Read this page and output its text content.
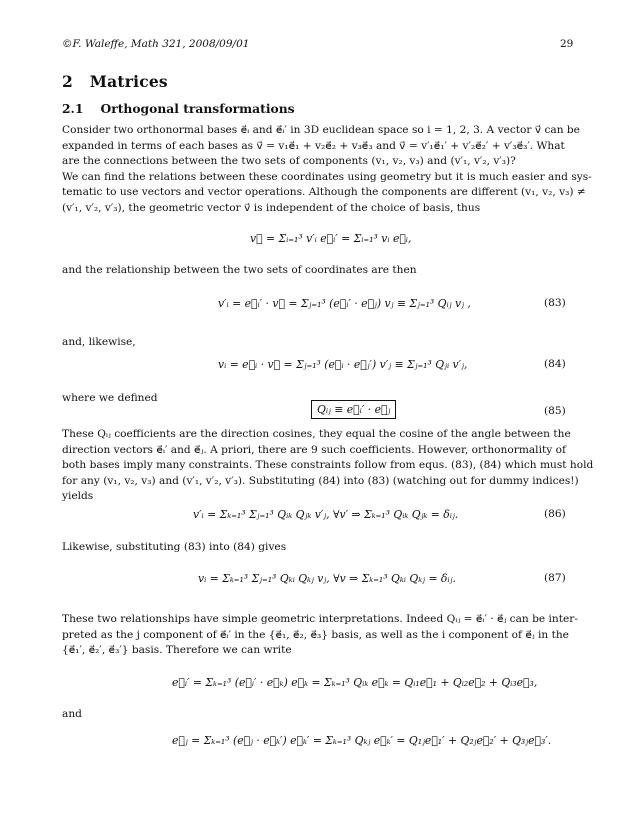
©F. Waleffe, Math 321, 2008/09/01	29
2 Matrices
2.1 Orthogonal transformations
Consider two orthonormal bases e⃗ᵢ and e⃗ᵢ′ in 3D euclidean space so i = 1, 2, 3. A vector v⃗ can be
expanded in terms of each bases as v⃗ = v₁e⃗₁ + v₂e⃗₂ + v₃e⃗₃ and v⃗ = v′₁e⃗₁′ + v′₂e⃗₂′ + v′₃e⃗₃′. What
are the connections between the two sets of components (v₁, v₂, v₃) and (v′₁, v′₂, v′₃)?
We can find the relations between these coordinates using geometry but it is much easier and sys-
tematic to use vectors and vector operations. Although the components are different (v₁, v₂, v₃) ≠
(v′₁, v′₂, v′₃), the geometric vector v⃗ is independent of the choice of basis, thus
v⃗ = Σᵢ₌₁³ v′ᵢ e⃗ᵢ′ = Σᵢ₌₁³ vᵢ e⃗ᵢ,
and the relationship between the two sets of coordinates are then
v′ᵢ = e⃗ᵢ′ · v⃗ = Σⱼ₌₁³ (e⃗ᵢ′ · e⃗ⱼ) vⱼ ≡ Σⱼ₌₁³ Qᵢⱼ vⱼ ,	(83)
and, likewise,
vᵢ = e⃗ᵢ · v⃗ = Σⱼ₌₁³ (e⃗ᵢ · e⃗ⱼ′) v′ⱼ ≡ Σⱼ₌₁³ Qⱼᵢ v′ⱼ,	(84)
where we defined
Qᵢⱼ ≡ e⃗ᵢ′ · e⃗ⱼ	(85)
These Qᵢⱼ coefficients are the direction cosines, they equal the cosine of the angle between the
direction vectors e⃗ᵢ′ and e⃗ⱼ. A priori, there are 9 such coefficients. However, orthonormality of
both bases imply many constraints. These constraints follow from equs. (83), (84) which must hold
for any (v₁, v₂, v₃) and (v′₁, v′₂, v′₃). Substituting (84) into (83) (watching out for dummy indices!)
yields
v′ᵢ = Σₖ₌₁³ Σⱼ₌₁³ Qᵢₖ Qⱼₖ v′ⱼ, ∀v′ ⇒ Σₖ₌₁³ Qᵢₖ Qⱼₖ = δᵢⱼ.	(86)
Likewise, substituting (83) into (84) gives
vᵢ = Σₖ₌₁³ Σⱼ₌₁³ Qₖᵢ Qₖⱼ vⱼ, ∀v ⇒ Σₖ₌₁³ Qₖᵢ Qₖⱼ = δᵢⱼ.	(87)
These two relationships have simple geometric interpretations. Indeed Qᵢⱼ = e⃗ᵢ′ · e⃗ⱼ can be inter-
preted as the j component of e⃗ᵢ′ in the {e⃗₁, e⃗₂, e⃗₃} basis, as well as the i component of e⃗ⱼ in the
{e⃗₁′, e⃗₂′, e⃗₃′} basis. Therefore we can write
e⃗ᵢ′ = Σₖ₌₁³ (e⃗ᵢ′ · e⃗ₖ) e⃗ₖ = Σₖ₌₁³ Qᵢₖ e⃗ₖ = Qᵢ₁e⃗₁ + Qᵢ₂e⃗₂ + Qᵢ₃e⃗₃,
and
e⃗ⱼ = Σₖ₌₁³ (e⃗ⱼ · e⃗ₖ′) e⃗ₖ′ = Σₖ₌₁³ Qₖⱼ e⃗ₖ′ = Q₁ⱼe⃗₁′ + Q₂ⱼe⃗₂′ + Q₃ⱼe⃗₃′.
